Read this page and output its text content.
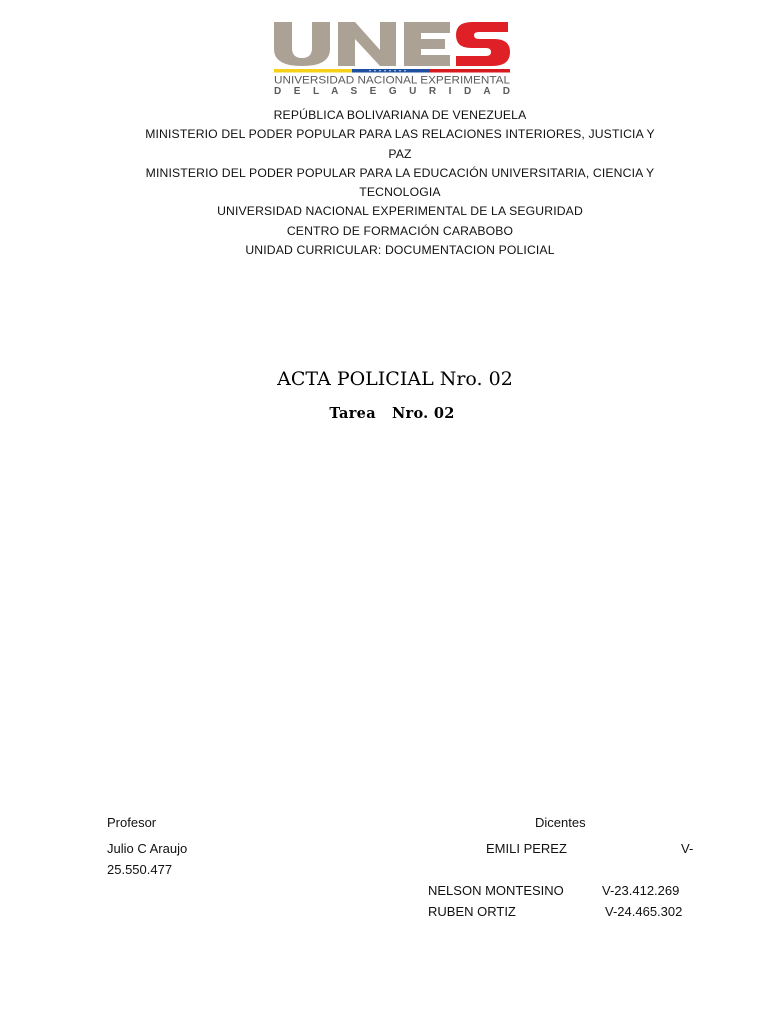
UNIVERSIDAD NACIONAL EXPERIMENTAL
D E L A S E G U R I D A D
REPÚBLICA BOLIVARIANA DE VENEZUELA
MINISTERIO DEL PODER POPULAR PARA LAS RELACIONES INTERIORES, JUSTICIA Y
PAZ
MINISTERIO DEL PODER POPULAR PARA LA EDUCACIÓN UNIVERSITARIA, CIENCIA Y
TECNOLOGIA
UNIVERSIDAD NACIONAL EXPERIMENTAL DE LA SEGURIDAD
CENTRO DE FORMACIÓN CARABOBO
UNIDAD CURRICULAR: DOCUMENTACION POLICIAL
ACTA POLICIAL Nro. 02
Tarea   Nro. 02
Profesor	Dicentes
Julio C Araujo	EMILI PEREZ	V-
25.550.477
NELSON MONTESINO	V-23.412.269
RUBEN ORTIZ	V-24.465.302
